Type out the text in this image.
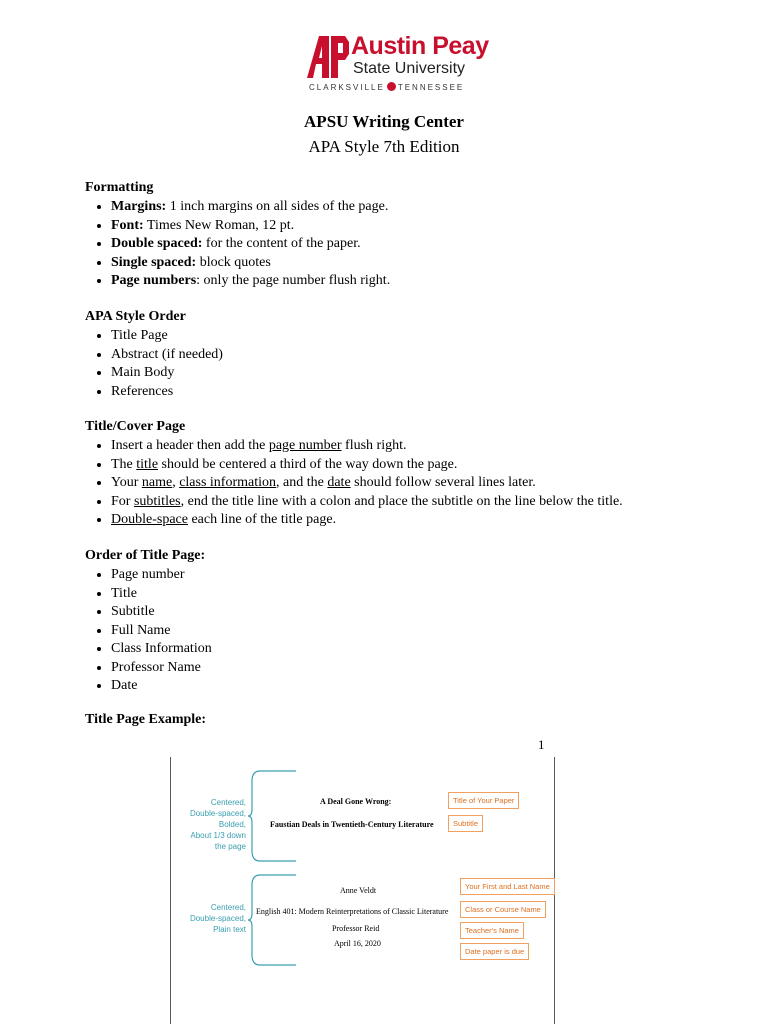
Austin Peay
State University
CLARKSVILLE TENNESSEE
APSU Writing Center
APA Style 7th Edition
Formatting
• Margins: 1 inch margins on all sides of the page.
• Font: Times New Roman, 12 pt.
• Double spaced: for the content of the paper.
• Single spaced: block quotes
• Page numbers: only the page number flush right.
APA Style Order
• Title Page
• Abstract (if needed)
• Main Body
• References
Title/Cover Page
• Insert a header then add the page number flush right.
• The title should be centered a third of the way down the page.
• Your name, class information, and the date should follow several lines later.
• For subtitles, end the title line with a colon and place the subtitle on the line below the title.
• Double-space each line of the title page.
Order of Title Page:
• Page number
• Title
• Subtitle
• Full Name
• Class Information
• Professor Name
• Date
Title Page Example:
1
Centered,
Double-spaced,
Bolded,
About 1/3 down
the page
Centered,
Double-spaced,
Plain text
A Deal Gone Wrong:
Faustian Deals in Twentieth-Century Literature
Anne Veldt
English 401: Modern Reinterpretations of Classic Literature
Professor Reid
April 16, 2020
Title of Your Paper
Subtitle
Your First and Last Name
Class or Course Name
Teacher's Name
Date paper is due
